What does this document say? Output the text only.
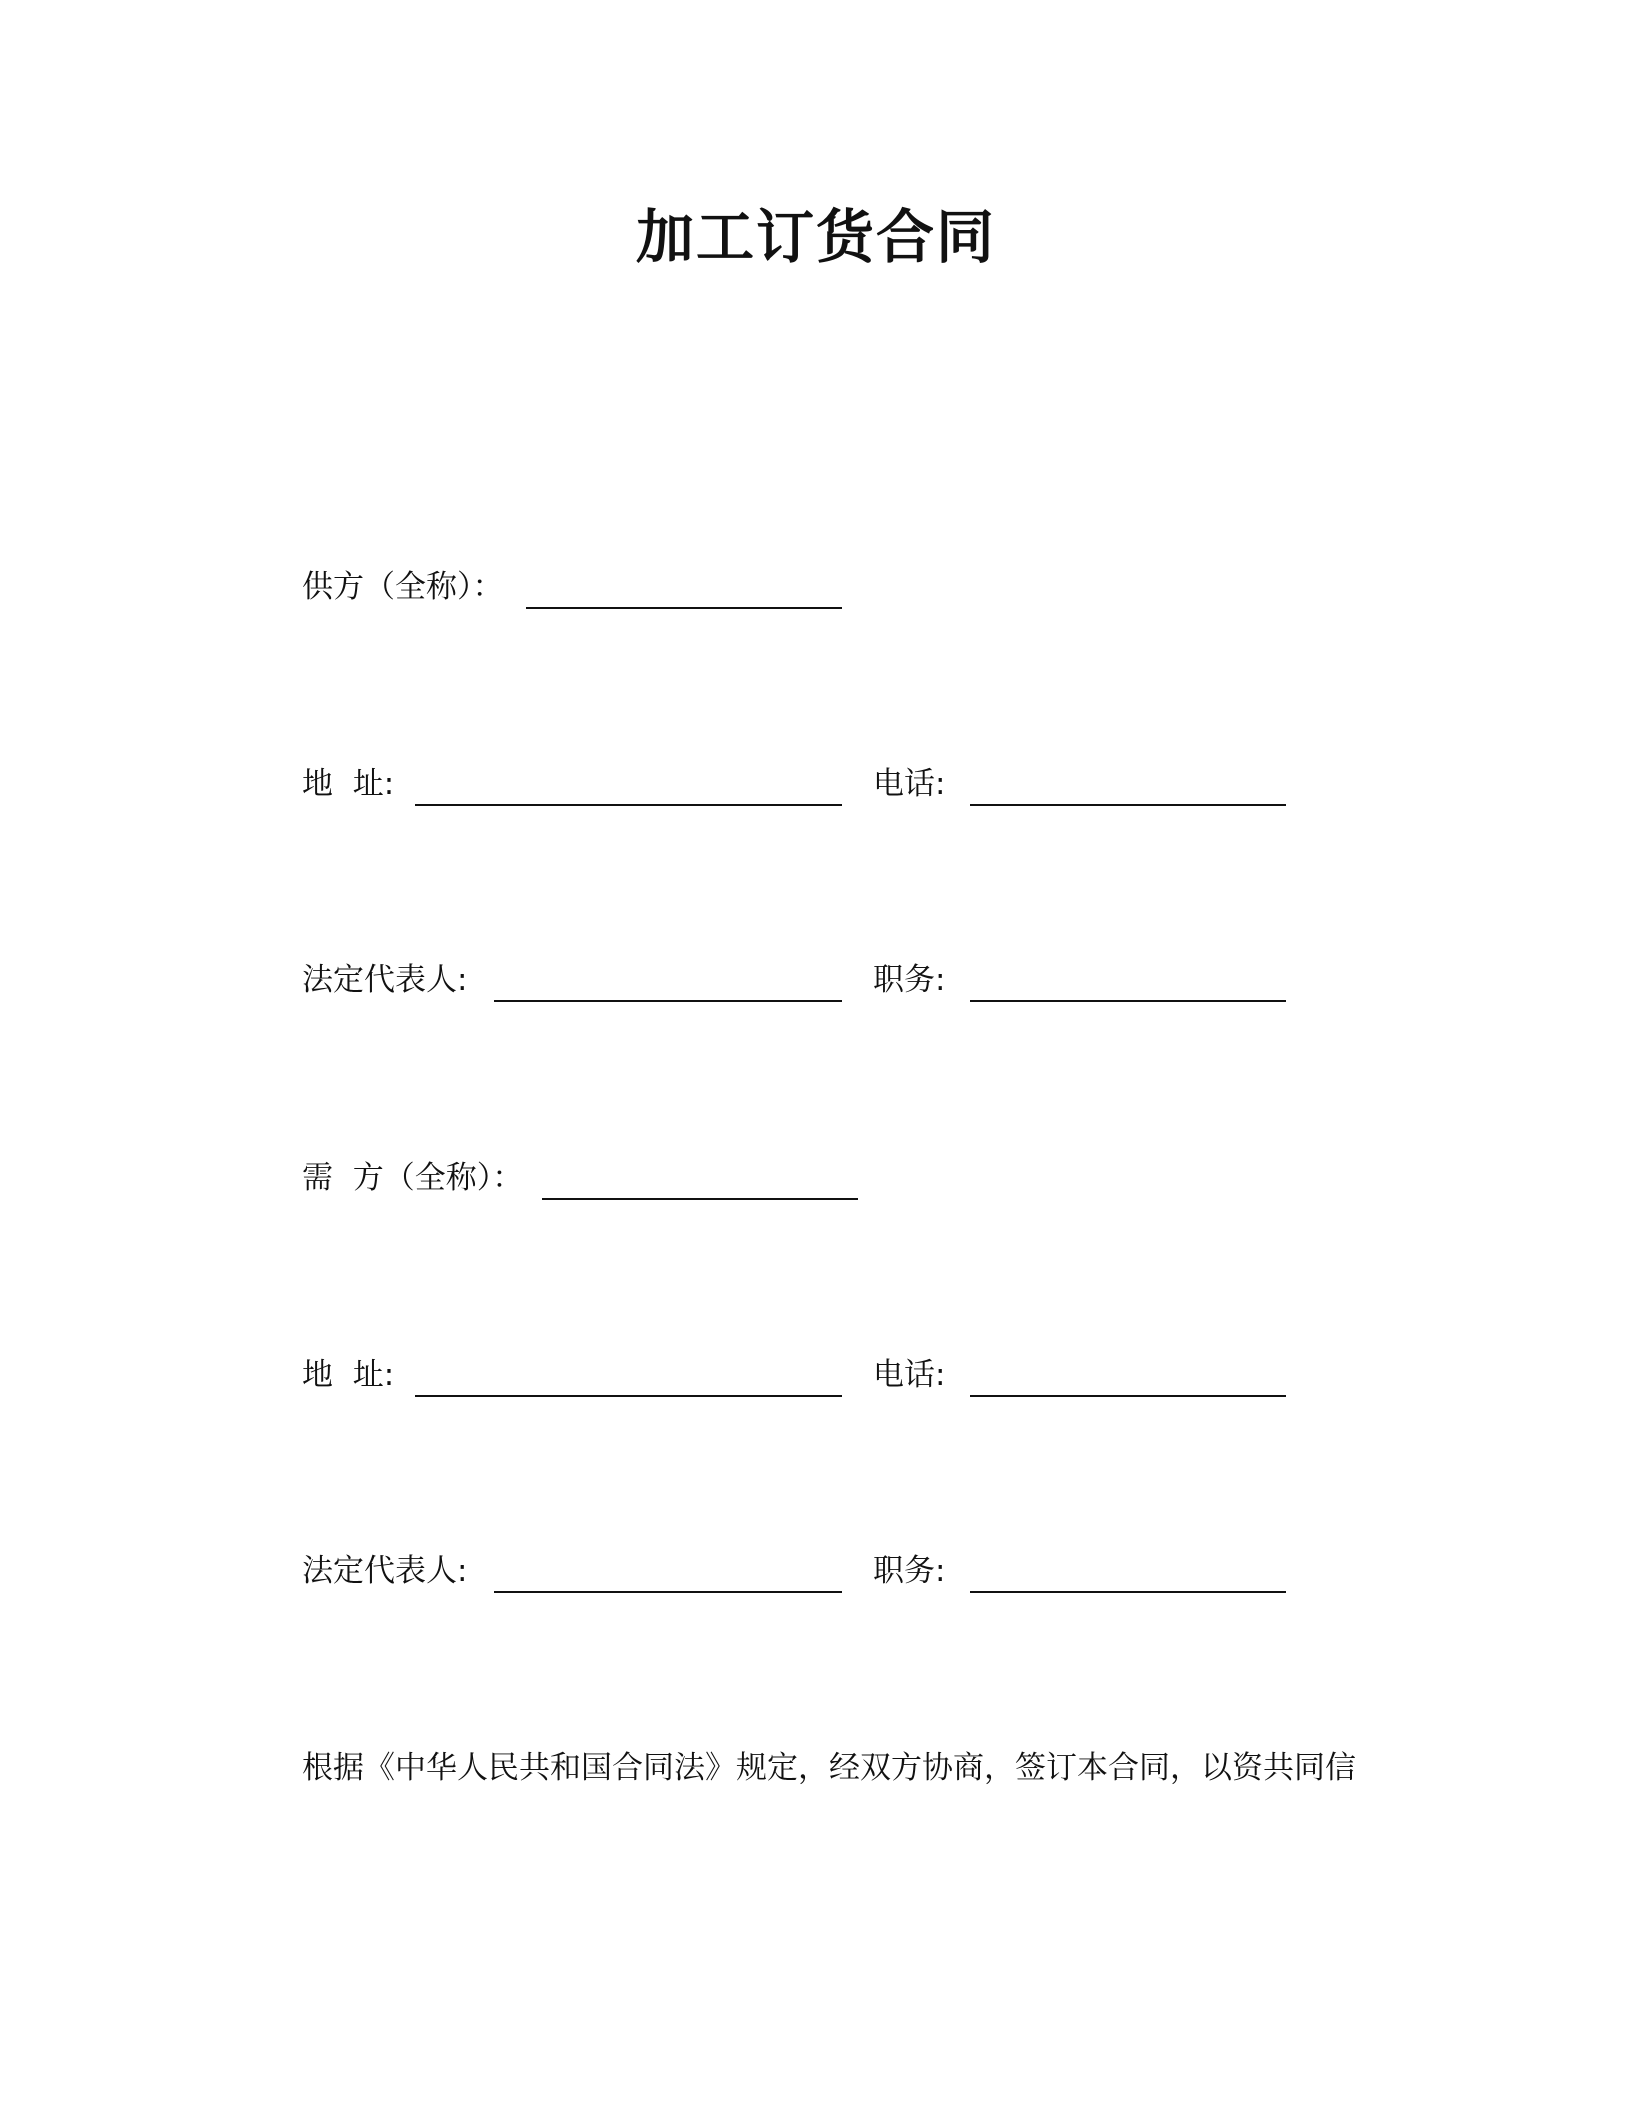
加工订货合同
供方（全称）：
地  址:	电话:
法定代表人:	职务:
需  方（全称）：
地  址:	电话:
法定代表人:	职务:
根据《中华人民共和国合同法》规定，经双方协商，签订本合同，以资共同信
